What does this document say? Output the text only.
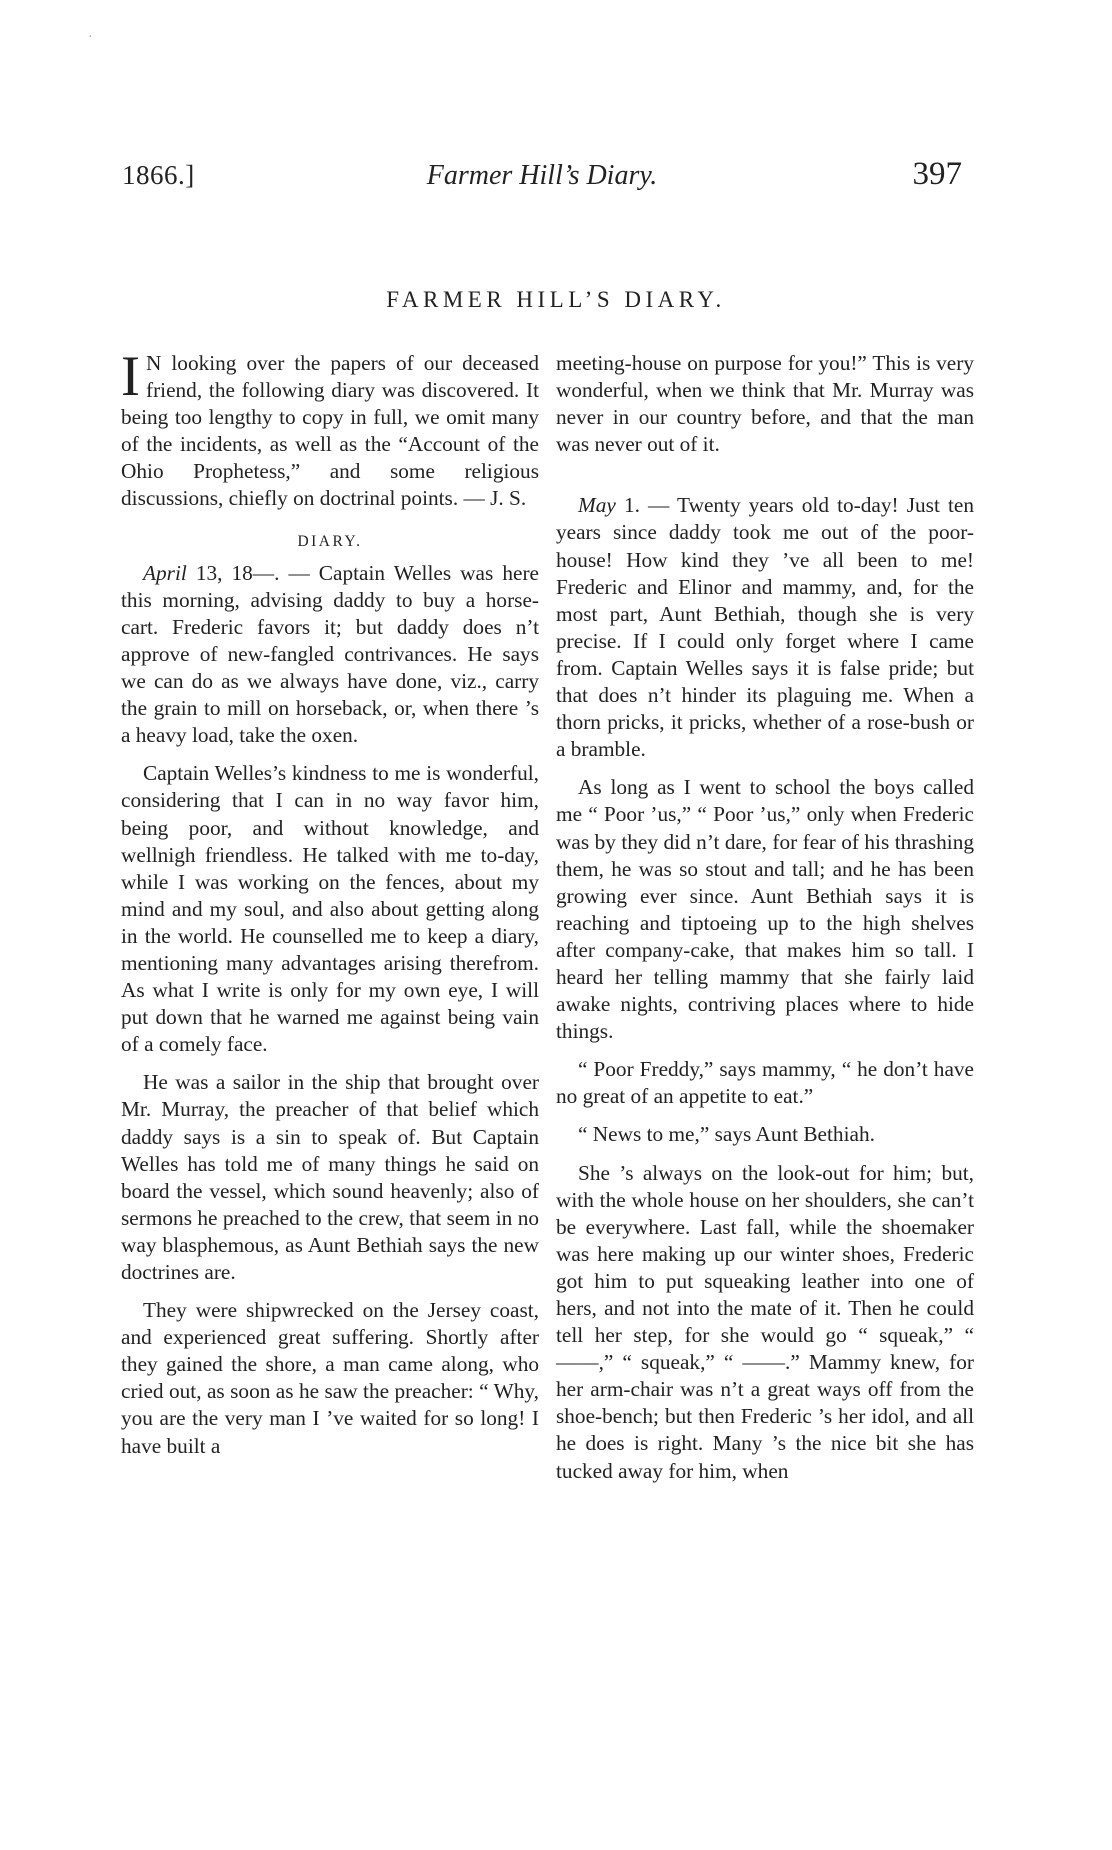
·
1866.]	Farmer Hill’s Diary.	397
FARMER HILL’S DIARY.

I N looking over the papers of our deceased friend, the following diary was discovered. It being too lengthy to copy in full, we omit many of the incidents, as well as the “Account of the Ohio Prophetess,” and some religious discussions, chiefly on doctrinal points. — J. S.

DIARY.

April 13, 18—. — Captain Welles was here this morning, advising daddy to buy a horse-cart. Frederic favors it; but daddy does n’t approve of new-fangled contrivances. He says we can do as we always have done, viz., carry the grain to mill on horseback, or, when there ’s a heavy load, take the oxen.

Captain Welles’s kindness to me is wonderful, considering that I can in no way favor him, being poor, and without knowledge, and wellnigh friendless. He talked with me to-day, while I was working on the fences, about my mind and my soul, and also about getting along in the world. He counselled me to keep a diary, mentioning many advantages arising therefrom. As what I write is only for my own eye, I will put down that he warned me against being vain of a comely face.

He was a sailor in the ship that brought over Mr. Murray, the preacher of that belief which daddy says is a sin to speak of. But Captain Welles has told me of many things he said on board the vessel, which sound heavenly; also of sermons he preached to the crew, that seem in no way blasphemous, as Aunt Bethiah says the new doctrines are.

They were shipwrecked on the Jersey coast, and experienced great suffering. Shortly after they gained the shore, a man came along, who cried out, as soon as he saw the preacher: “ Why, you are the very man I ’ve waited for so long! I have built a

meeting-house on purpose for you!” This is very wonderful, when we think that Mr. Murray was never in our country before, and that the man was never out of it.

May 1. — Twenty years old to-day! Just ten years since daddy took me out of the poor-house! How kind they ’ve all been to me! Frederic and Elinor and mammy, and, for the most part, Aunt Bethiah, though she is very precise. If I could only forget where I came from. Captain Welles says it is false pride; but that does n’t hinder its plaguing me. When a thorn pricks, it pricks, whether of a rose-bush or a bramble.

As long as I went to school the boys called me “ Poor ’us,” “ Poor ’us,” only when Frederic was by they did n’t dare, for fear of his thrashing them, he was so stout and tall; and he has been growing ever since. Aunt Bethiah says it is reaching and tiptoeing up to the high shelves after company-cake, that makes him so tall. I heard her telling mammy that she fairly laid awake nights, contriving places where to hide things.

“ Poor Freddy,” says mammy, “ he don’t have no great of an appetite to eat.”

“ News to me,” says Aunt Bethiah.

She ’s always on the look-out for him; but, with the whole house on her shoulders, she can’t be everywhere. Last fall, while the shoemaker was here making up our winter shoes, Frederic got him to put squeaking leather into one of hers, and not into the mate of it. Then he could tell her step, for she would go “ squeak,” “ ——,” “ squeak,” “ ——.” Mammy knew, for her arm-chair was n’t a great ways off from the shoe-bench; but then Frederic ’s her idol, and all he does is right. Many ’s the nice bit she has tucked away for him, when
